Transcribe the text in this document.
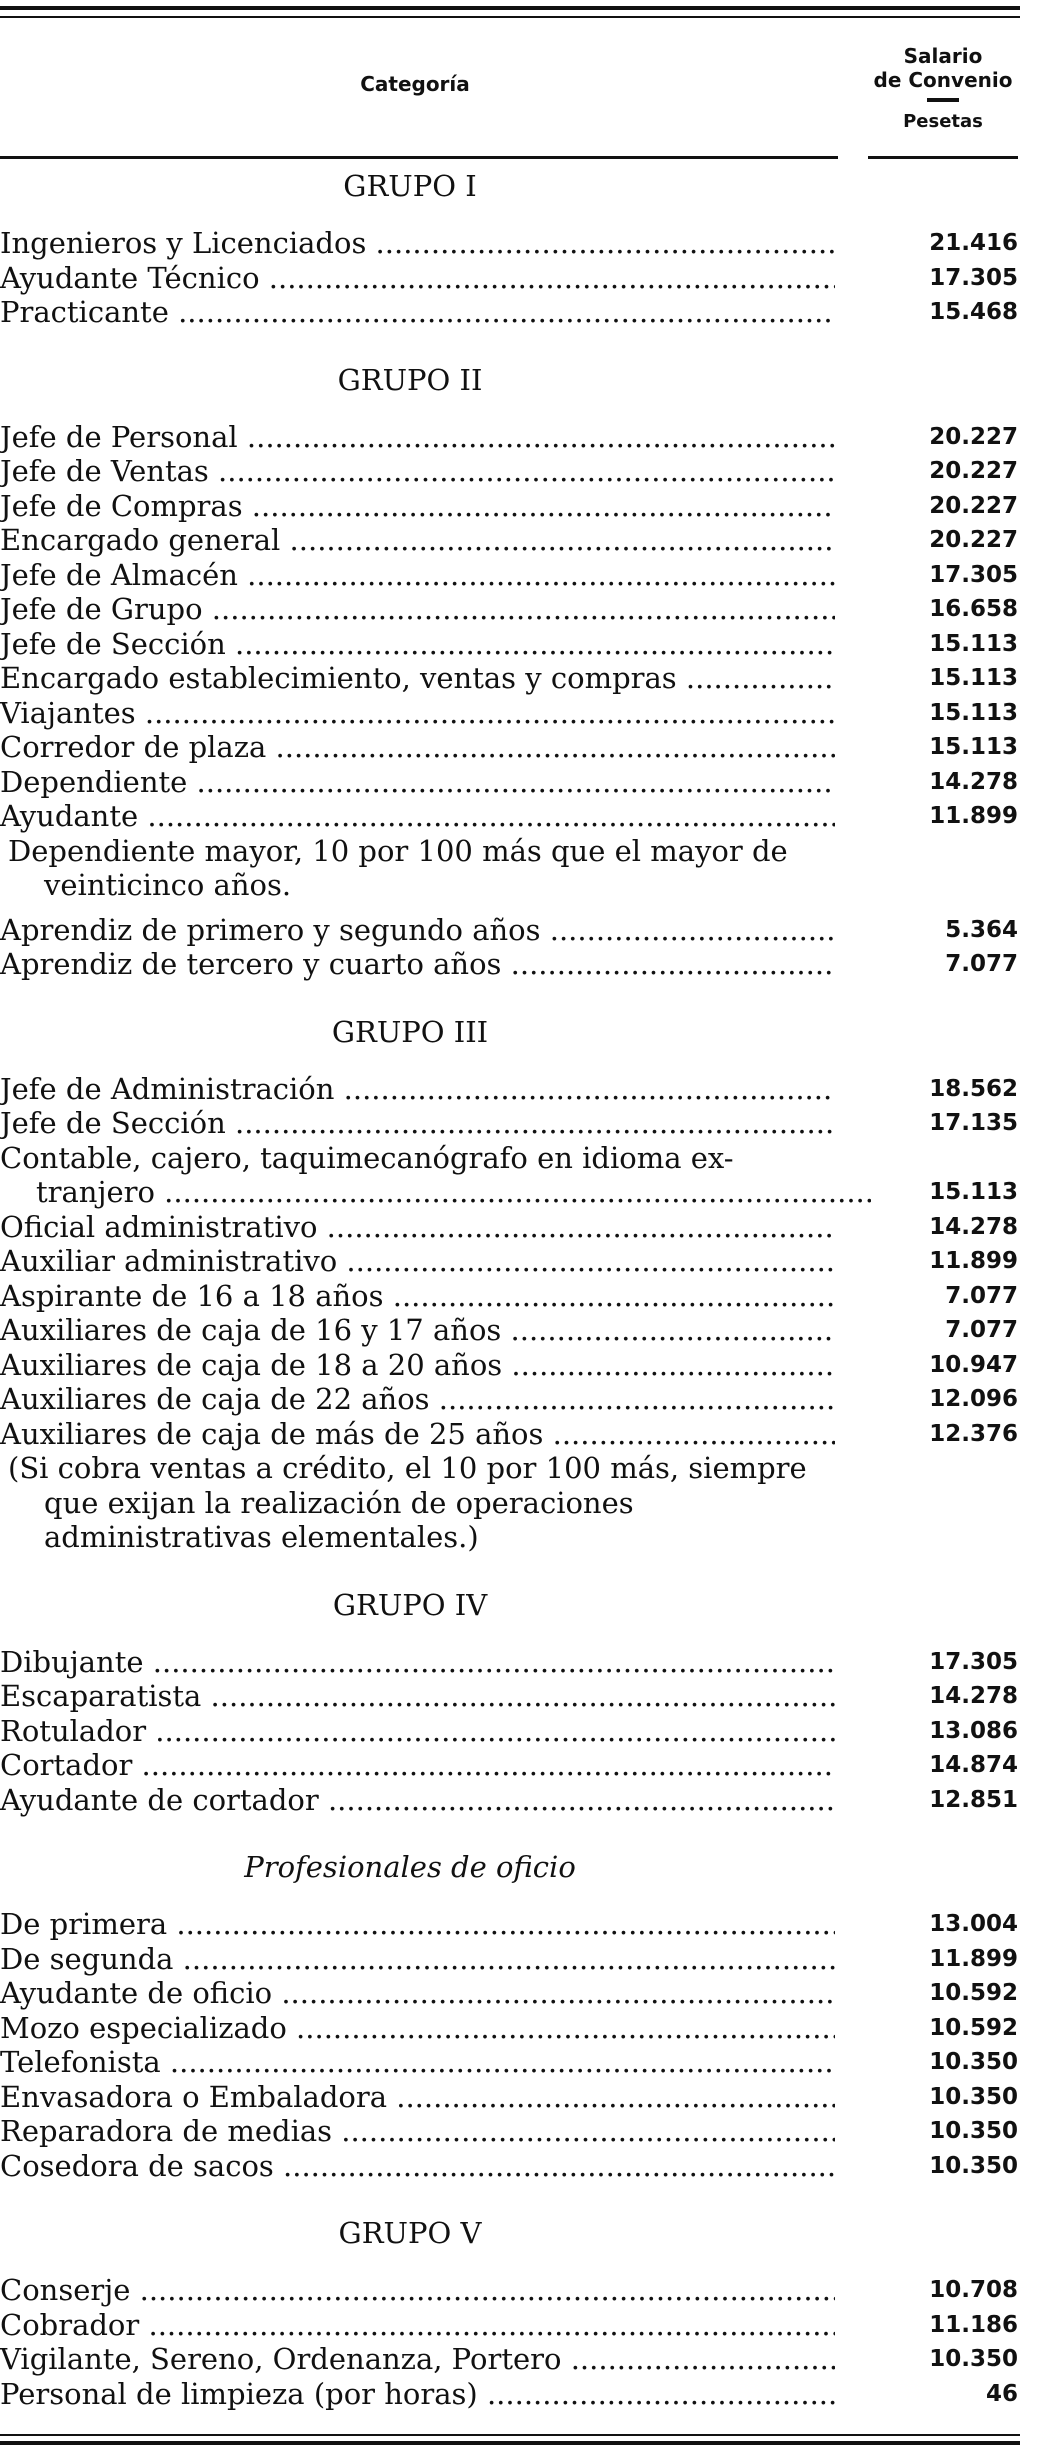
Categoría
Salario
de Convenio
Pesetas
GRUPO I
Ingenieros y Licenciados .....	21.416
Ayudante Técnico .....	17.305
Practicante .....	15.468
GRUPO II
Jefe de Personal .....	20.227
Jefe de Ventas .....	20.227
Jefe de Compras .....	20.227
Encargado general .....	20.227
Jefe de Almacén .....	17.305
Jefe de Grupo .....	16.658
Jefe de Sección .....	15.113
Encargado establecimiento, ventas y compras .....	15.113
Viajantes .....	15.113
Corredor de plaza .....	15.113
Dependiente .....	14.278
Ayudante .....	11.899
Dependiente mayor, 10 por 100 más que el mayor de veinticinco años.
Aprendiz de primero y segundo años .....	5.364
Aprendiz de tercero y cuarto años .....	7.077
GRUPO III
Jefe de Administración .....	18.562
Jefe de Sección .....	17.135
Contable, cajero, taquimecanógrafo en idioma ex-
tranjero .....	15.113
Oficial administrativo .....	14.278
Auxiliar administrativo .....	11.899
Aspirante de 16 a 18 años .....	7.077
Auxiliares de caja de 16 y 17 años .....	7.077
Auxiliares de caja de 18 a 20 años .....	10.947
Auxiliares de caja de 22 años .....	12.096
Auxiliares de caja de más de 25 años .....	12.376
(Si cobra ventas a crédito, el 10 por 100 más, siempre que exijan la realización de operaciones administrativas elementales.)
GRUPO IV
Dibujante .....	17.305
Escaparatista .....	14.278
Rotulador .....	13.086
Cortador .....	14.874
Ayudante de cortador .....	12.851
Profesionales de oficio
De primera .....	13.004
De segunda .....	11.899
Ayudante de oficio .....	10.592
Mozo especializado .....	10.592
Telefonista .....	10.350
Envasadora o Embaladora .....	10.350
Reparadora de medias .....	10.350
Cosedora de sacos .....	10.350
GRUPO V
Conserje .....	10.708
Cobrador .....	11.186
Vigilante, Sereno, Ordenanza, Portero .....	10.350
Personal de limpieza (por horas) .....	46
